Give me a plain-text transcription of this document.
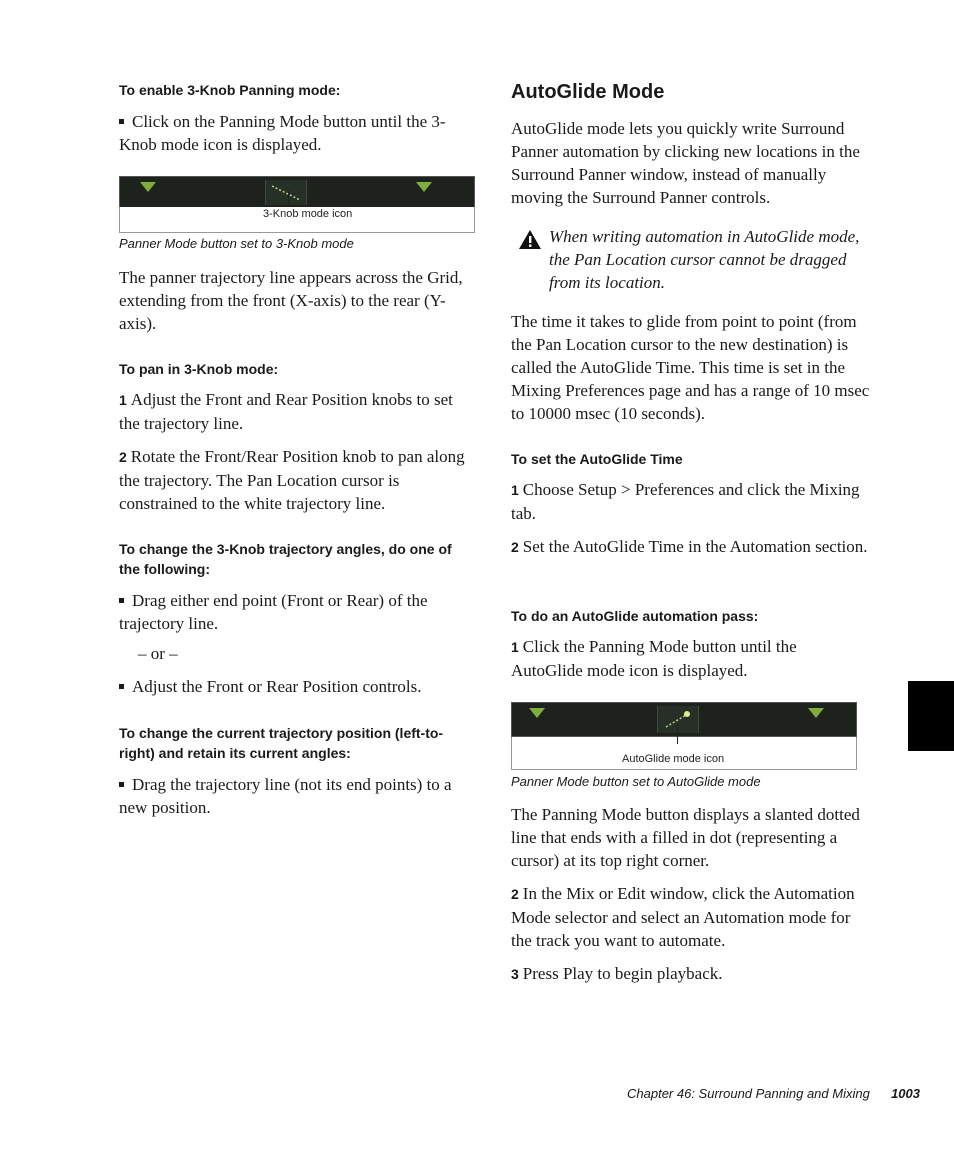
To enable 3-Knob Panning mode:
Click on the Panning Mode button until the 3-Knob mode icon is displayed.
3-Knob mode icon
Panner Mode button set to 3-Knob mode
The panner trajectory line appears across the Grid, extending from the front (X-axis) to the rear (Y-axis).
To pan in 3-Knob mode:
1 Adjust the Front and Rear Position knobs to set the trajectory line.
2 Rotate the Front/Rear Position knob to pan along the trajectory. The Pan Location cursor is constrained to the white trajectory line.
To change the 3-Knob trajectory angles, do one of the following:
Drag either end point (Front or Rear) of the trajectory line.
– or –
Adjust the Front or Rear Position controls.
To change the current trajectory position (left-to-right) and retain its current angles:
Drag the trajectory line (not its end points) to a new position.
AutoGlide Mode
AutoGlide mode lets you quickly write Surround Panner automation by clicking new locations in the Surround Panner window, instead of manually moving the Surround Panner controls.
When writing automation in AutoGlide mode, the Pan Location cursor cannot be dragged from its location.
The time it takes to glide from point to point (from the Pan Location cursor to the new destination) is called the AutoGlide Time. This time is set in the Mixing Preferences page and has a range of 10 msec to 10000 msec (10 seconds).
To set the AutoGlide Time
1 Choose Setup > Preferences and click the Mixing tab.
2 Set the AutoGlide Time in the Automation section.
To do an AutoGlide automation pass:
1 Click the Panning Mode button until the AutoGlide mode icon is displayed.
AutoGlide mode icon
Panner Mode button set to AutoGlide mode
The Panning Mode button displays a slanted dotted line that ends with a filled in dot (representing a cursor) at its top right corner.
2 In the Mix or Edit window, click the Automation Mode selector and select an Automation mode for the track you want to automate.
3 Press Play to begin playback.
Chapter 46: Surround Panning and Mixing 1003
